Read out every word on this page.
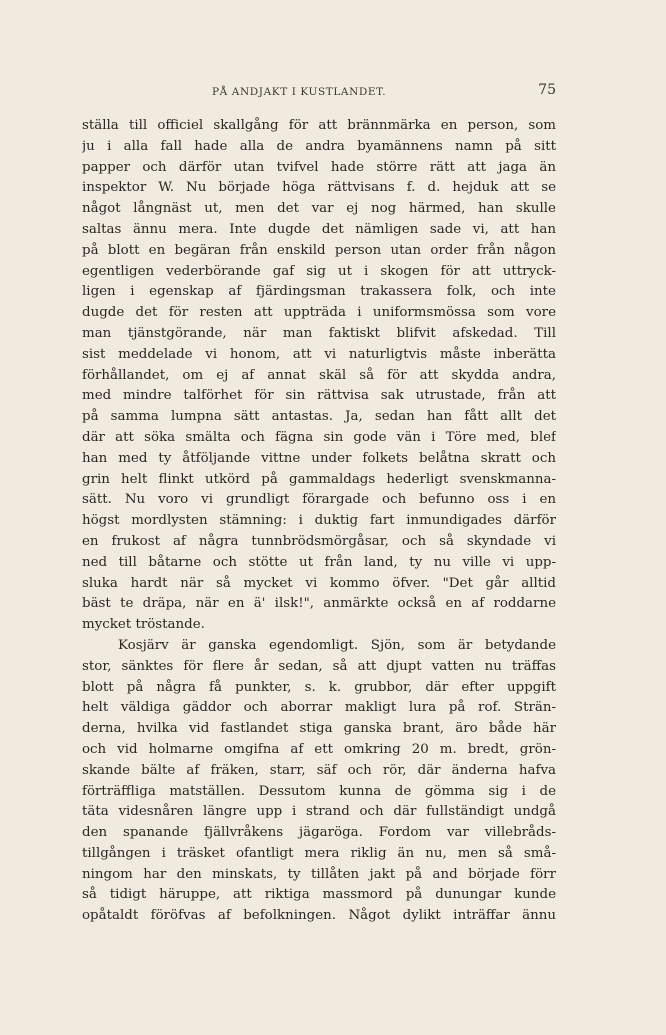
PÅ ANDJAKT I KUSTLANDET.	75
ställa till officiel skallgång för att brännmärka en person, som
ju i alla fall hade alla de andra byamännens namn på sitt
papper och därför utan tvifvel hade större rätt att jaga än
inspektor W. Nu började höga rättvisans f. d. hejduk att se
något långnäst ut, men det var ej nog härmed, han skulle
saltas ännu mera. Inte dugde det nämligen sade vi, att han
på blott en begäran från enskild person utan order från någon
egentligen vederbörande gaf sig ut i skogen för att uttryck-
ligen i egenskap af fjärdingsman trakassera folk, och inte
dugde det för resten att uppträda i uniformsmössa som vore
man tjänstgörande, när man faktiskt blifvit afskedad. Till
sist meddelade vi honom, att vi naturligtvis måste inberätta
förhållandet, om ej af annat skäl så för att skydda andra,
med mindre talförhet för sin rättvisa sak utrustade, från att
på samma lumpna sätt antastas. Ja, sedan han fått allt det
där att söka smälta och fägna sin gode vän i Töre med, blef
han med ty åtföljande vittne under folkets belåtna skratt och
grin helt flinkt utkörd på gammaldags hederligt svenskmanna-
sätt. Nu voro vi grundligt förargade och befunno oss i en
högst mordlysten stämning: i duktig fart inmundigades därför
en frukost af några tunnbrödsmörgåsar, och så skyndade vi
ned till båtarne och stötte ut från land, ty nu ville vi upp-
sluka hardt när så mycket vi kommo öfver. "Det går alltid
bäst te dräpa, när en ä' ilsk!", anmärkte också en af roddarne
mycket tröstande.
Kosjärv är ganska egendomligt. Sjön, som är betydande
stor, sänktes för flere år sedan, så att djupt vatten nu träffas
blott på några få punkter, s. k. grubbor, där efter uppgift
helt väldiga gäddor och aborrar makligt lura på rof. Strän-
derna, hvilka vid fastlandet stiga ganska brant, äro både här
och vid holmarne omgifna af ett omkring 20 m. bredt, grön-
skande bälte af fräken, starr, säf och rör, där änderna hafva
förträffliga matställen. Dessutom kunna de gömma sig i de
täta videsnåren längre upp i strand och där fullständigt undgå
den spanande fjällvråkens jägaröga. Fordom var villebråds-
tillgången i träsket ofantligt mera riklig än nu, men så små-
ningom har den minskats, ty tillåten jakt på and började förr
så tidigt häruppe, att riktiga massmord på dunungar kunde
opåtaldt föröfvas af befolkningen. Något dylikt inträffar ännu
